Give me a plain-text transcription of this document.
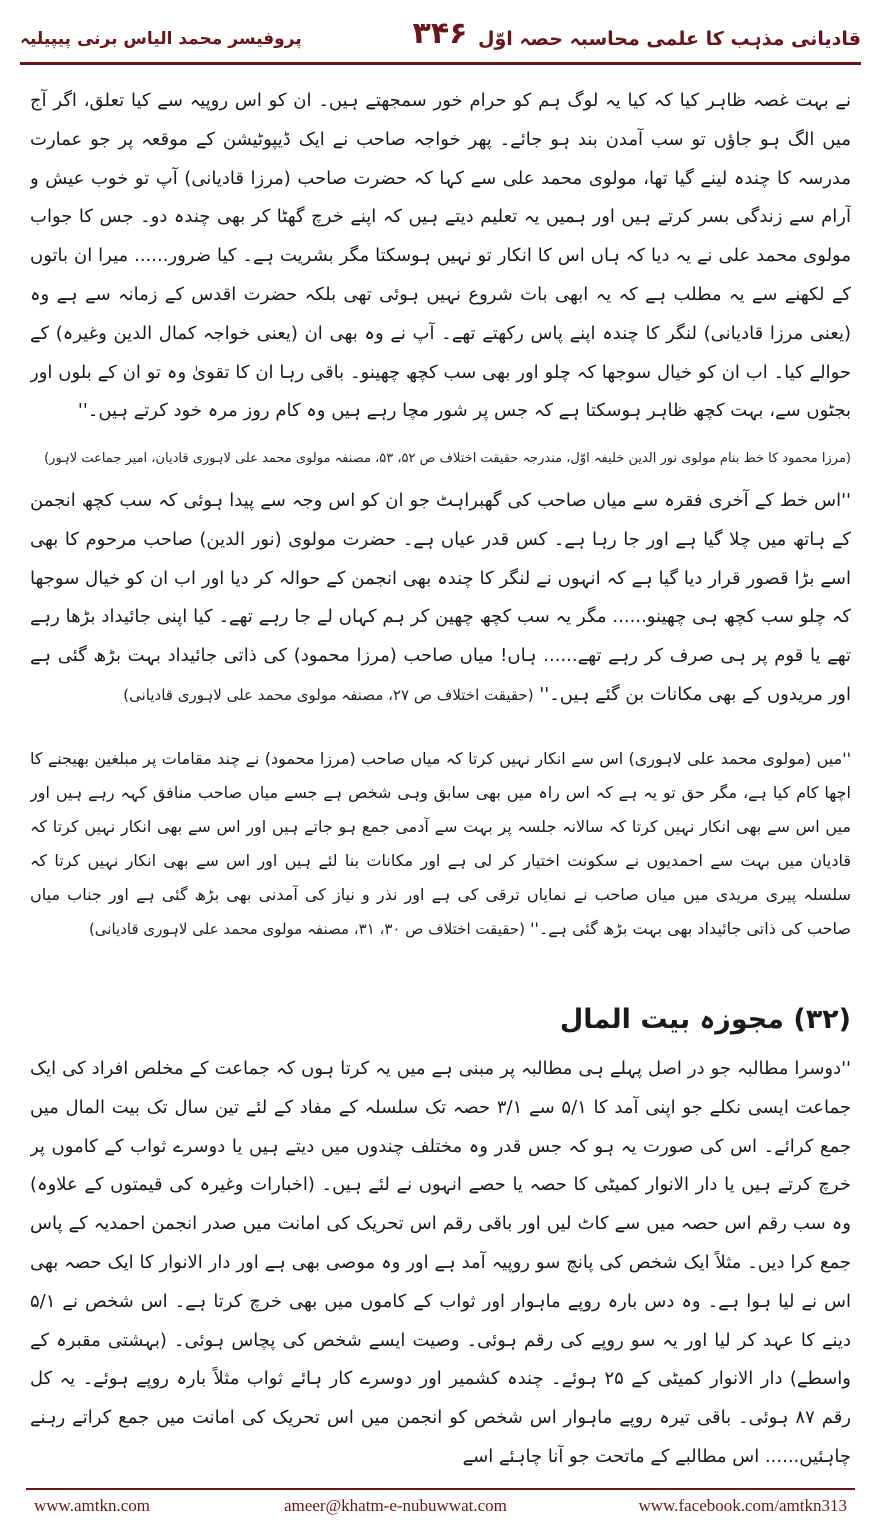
قادیانی مذہب کا علمی محاسبہ حصہ اوّل
۳۴۶
پروفیسر محمد الیاس برنی پیپیلیہ
نے بہت غصہ ظاہر کیا کہ کیا یہ لوگ ہم کو حرام خور سمجھتے ہیں۔ ان کو اس روپیہ سے کیا تعلق، اگر آج میں الگ ہو جاؤں تو سب آمدن بند ہو جائے۔ پھر خواجہ صاحب نے ایک ڈیپوٹیشن کے موقعہ پر جو عمارت مدرسہ کا چندہ لینے گیا تھا، مولوی محمد علی سے کہا کہ حضرت صاحب (مرزا قادیانی) آپ تو خوب عیش و آرام سے زندگی بسر کرتے ہیں اور ہمیں یہ تعلیم دیتے ہیں کہ اپنے خرچ گھٹا کر بھی چندہ دو۔ جس کا جواب مولوی محمد علی نے یہ دیا کہ ہاں اس کا انکار تو نہیں ہوسکتا مگر بشریت ہے۔ کیا ضرور...... میرا ان باتوں کے لکھنے سے یہ مطلب ہے کہ یہ ابھی بات شروع نہیں ہوئی تھی بلکہ حضرت اقدس کے زمانہ سے ہے وہ (یعنی مرزا قادیانی) لنگر کا چندہ اپنے پاس رکھتے تھے۔ آپ نے وہ بھی ان (یعنی خواجہ کمال الدین وغیرہ) کے حوالے کیا۔ اب ان کو خیال سوجھا کہ چلو اور بھی سب کچھ چھینو۔ باقی رہا ان کا تقویٰ وہ تو ان کے بلوں اور بجٹوں سے، بہت کچھ ظاہر ہوسکتا ہے کہ جس پر شور مچا رہے ہیں وہ کام روز مرہ خود کرتے ہیں۔''
(مرزا محمود کا خط بنام مولوی نور الدین خلیفہ اوّل، مندرجہ حقیقت اختلاف ص ۵۲، ۵۳، مصنفہ مولوی محمد علی لاہوری قادیان، امیر جماعت لاہور)
''اس خط کے آخری فقرہ سے میاں صاحب کی گھبراہٹ جو ان کو اس وجہ سے پیدا ہوئی کہ سب کچھ انجمن کے ہاتھ میں چلا گیا ہے اور جا رہا ہے۔ کس قدر عیاں ہے۔ حضرت مولوی (نور الدین) صاحب مرحوم کا بھی اسے بڑا قصور قرار دیا گیا ہے کہ انہوں نے لنگر کا چندہ بھی انجمن کے حوالہ کر دیا اور اب ان کو خیال سوجھا کہ چلو سب کچھ ہی چھینو...... مگر یہ سب کچھ چھین کر ہم کہاں لے جا رہے تھے۔ کیا اپنی جائیداد بڑھا رہے تھے یا قوم پر ہی صرف کر رہے تھے...... ہاں! میاں صاحب (مرزا محمود) کی ذاتی جائیداد بہت بڑھ گئی ہے اور مریدوں کے بھی مکانات بن گئے ہیں۔'' (حقیقت اختلاف ص ۲۷، مصنفہ مولوی محمد علی لاہوری قادیانی)
''میں (مولوی محمد علی لاہوری) اس سے انکار نہیں کرتا کہ میاں صاحب (مرزا محمود) نے چند مقامات پر مبلغین بھیجنے کا اچھا کام کیا ہے، مگر حق تو یہ ہے کہ اس راہ میں بھی سابق وہی شخص ہے جسے میاں صاحب منافق کہہ رہے ہیں اور میں اس سے بھی انکار نہیں کرتا کہ سالانہ جلسہ پر بہت سے آدمی جمع ہو جاتے ہیں اور اس سے بھی انکار نہیں کرتا کہ قادیان میں بہت سے احمدیوں نے سکونت اختیار کر لی ہے اور مکانات بنا لئے ہیں اور اس سے بھی انکار نہیں کرتا کہ سلسلہ پیری مریدی میں میاں صاحب نے نمایاں ترقی کی ہے اور نذر و نیاز کی آمدنی بھی بڑھ گئی ہے اور جناب میاں صاحب کی ذاتی جائیداد بھی بہت بڑھ گئی ہے۔'' (حقیقت اختلاف ص ۳۰، ۳۱، مصنفہ مولوی محمد علی لاہوری قادیانی)
(۳۲) مجوزہ بیت المال
''دوسرا مطالبہ جو در اصل پہلے ہی مطالبہ پر مبنی ہے میں یہ کرتا ہوں کہ جماعت کے مخلص افراد کی ایک جماعت ایسی نکلے جو اپنی آمد کا ۵/۱ سے ۳/۱ حصہ تک سلسلہ کے مفاد کے لئے تین سال تک بیت المال میں جمع کرائے۔ اس کی صورت یہ ہو کہ جس قدر وہ مختلف چندوں میں دیتے ہیں یا دوسرے ثواب کے کاموں پر خرچ کرتے ہیں یا دار الانوار کمیٹی کا حصہ یا حصے انہوں نے لئے ہیں۔ (اخبارات وغیرہ کی قیمتوں کے علاوہ) وہ سب رقم اس حصہ میں سے کاٹ لیں اور باقی رقم اس تحریک کی امانت میں صدر انجمن احمدیہ کے پاس جمع کرا دیں۔ مثلاً ایک شخص کی پانچ سو روپیہ آمد ہے اور وہ موصی بھی ہے اور دار الانوار کا ایک حصہ بھی اس نے لیا ہوا ہے۔ وہ دس بارہ روپے ماہوار اور ثواب کے کاموں میں بھی خرچ کرتا ہے۔ اس شخص نے ۵/۱ دینے کا عہد کر لیا اور یہ سو روپے کی رقم ہوئی۔ وصیت ایسے شخص کی پچاس ہوئی۔ (بہشتی مقبرہ کے واسطے) دار الانوار کمیٹی کے ۲۵ ہوئے۔ چندہ کشمیر اور دوسرے کار ہائے ثواب مثلاً بارہ روپے ہوئے۔ یہ کل رقم ۸۷ ہوئی۔ باقی تیرہ روپے ماہوار اس شخص کو انجمن میں اس تحریک کی امانت میں جمع کراتے رہنے چاہئیں...... اس مطالبے کے ماتحت جو آنا چاہئے اسے
www.amtkn.com	ameer@khatm-e-nubuwwat.com	www.facebook.com/amtkn313
